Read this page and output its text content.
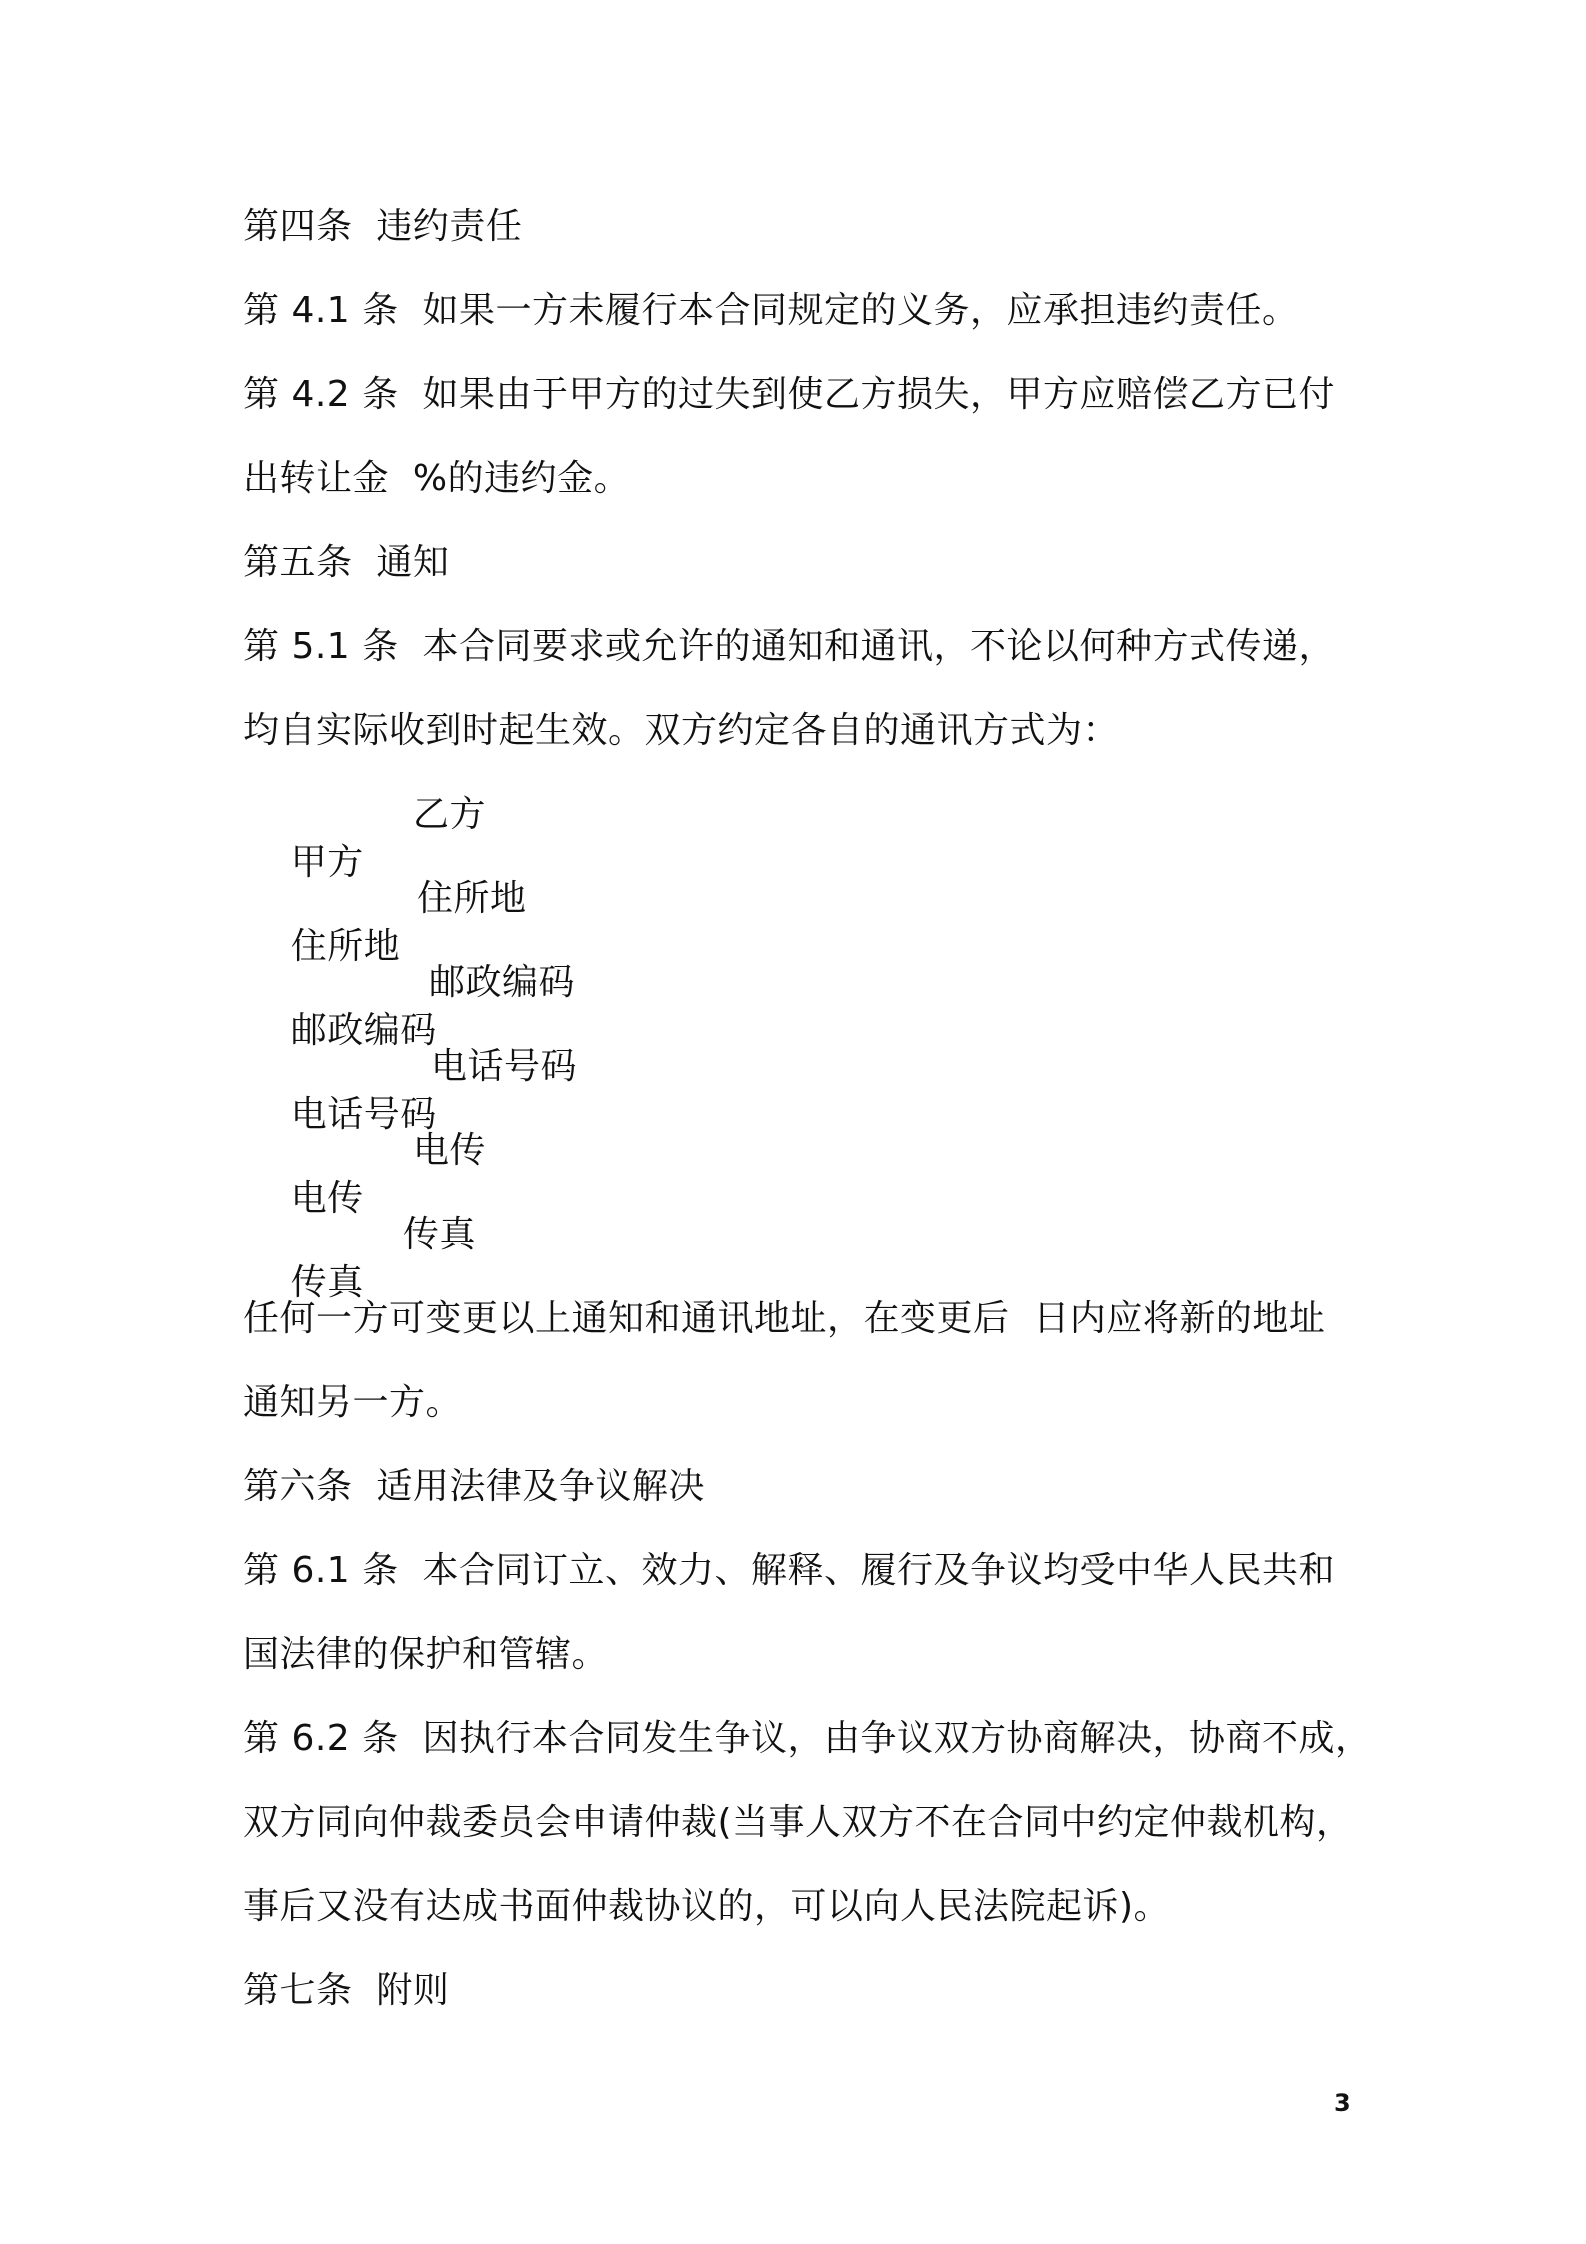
第四条  违约责任
第 4.1 条  如果一方未履行本合同规定的义务，应承担违约责任。
第 4.2 条  如果由于甲方的过失到使乙方损失，甲方应赔偿乙方已付
出转让金  %的违约金。
第五条  通知
第 5.1 条  本合同要求或允许的通知和通讯，不论以何种方式传递，
均自实际收到时起生效。双方约定各自的通讯方式为：

甲方

乙方

住所地

住所地

邮政编码

邮政编码

电话号码

电话号码

电传

电传

传真

传真

任何一方可变更以上通知和通讯地址，在变更后  日内应将新的地址
通知另一方。
第六条  适用法律及争议解决
第 6.1 条  本合同订立、效力、解释、履行及争议均受中华人民共和
国法律的保护和管辖。
第 6.2 条  因执行本合同发生争议，由争议双方协商解决，协商不成，
双方同向仲裁委员会申请仲裁(当事人双方不在合同中约定仲裁机构，
事后又没有达成书面仲裁协议的，可以向人民法院起诉)。
第七条  附则
3
